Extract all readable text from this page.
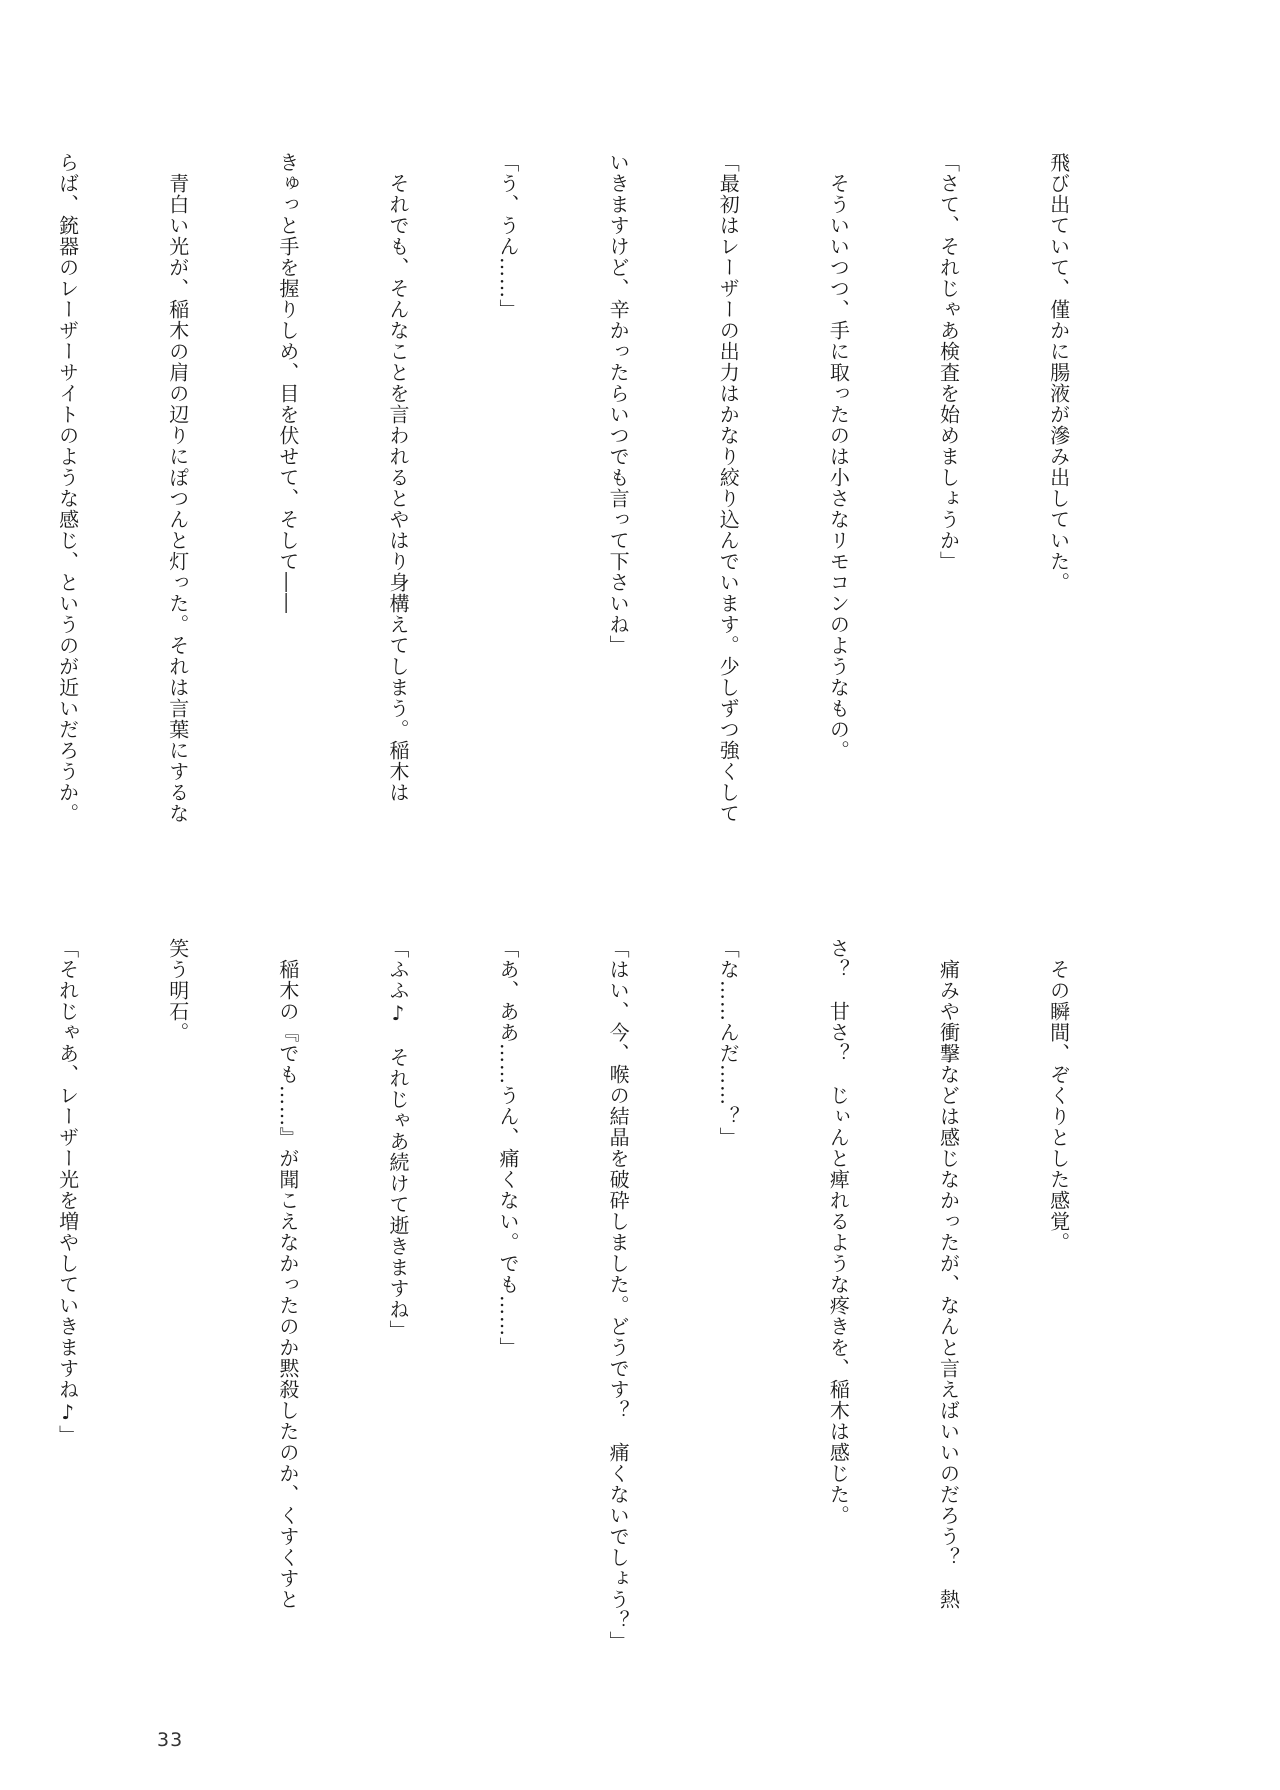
飛び出ていて、僅かに腸液が滲み出していた。

「さて、それじゃあ検査を始めましょうか」

　そういいつつ、手に取ったのは小さなリモコンのようなもの。

「最初はレーザーの出力はかなり絞り込んでいます。少しずつ強くして

いきますけど、辛かったらいつでも言って下さいね」

「う、うん……」

　それでも、そんなことを言われるとやはり身構えてしまう。稲木は

きゅっと手を握りしめ、目を伏せて、そして――

　青白い光が、稲木の肩の辺りにぽつんと灯った。それは言葉にするな

らば、銃器のレーザーサイトのような感じ、というのが近いだろうか。

　その瞬間、ぞくりとした感覚。

　痛みや衝撃などは感じなかったが、なんと言えばいいのだろう？　熱

さ？　甘さ？　じぃんと痺れるような疼きを、稲木は感じた。

「な……んだ……？」

「はい、今、喉の結晶を破砕しました。どうです？　痛くないでしょう？」

「あ、ああ……うん、痛くない。でも……」

「ふふ♪　それじゃあ続けて逝きますね」

　稲木の『でも……』が聞こえなかったのか黙殺したのか、くすくすと

笑う明石。

「それじゃあ、レーザー光を増やしていきますね♪」

33
